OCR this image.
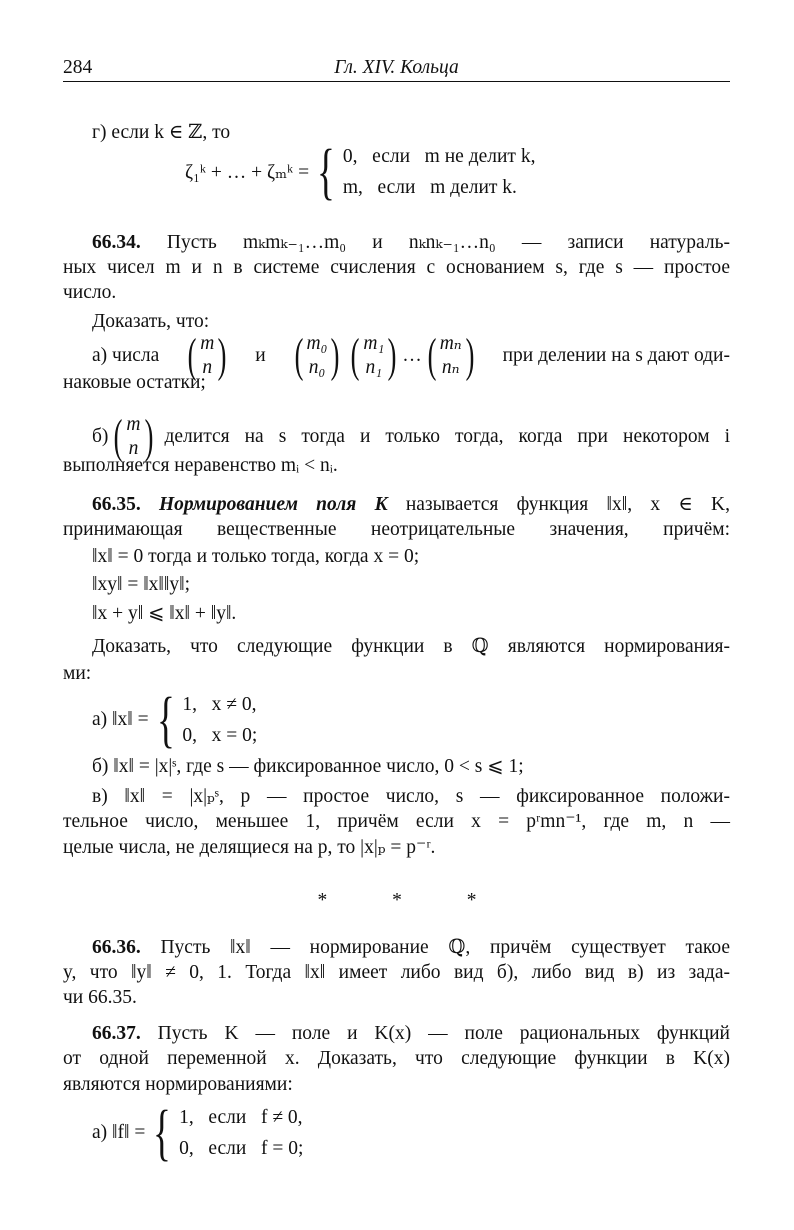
284	Гл. XIV. Кольца
г) если k ∈ ℤ, то
ζ₁ᵏ + … + ζₘᵏ = { 0,   если   m не делит k,
m,   если   m делит k.
66.34. Пусть mₖmₖ₋₁…m₀ и nₖnₖ₋₁…n₀ — записи натураль-
ных чисел m и n в системе счисления с основанием s, где s — простое
число.
Доказать, что:
а) числа ( m
n ) и ( m₀
n₀ ) ( m₁
n₁ ) … ( mₙ
nₙ ) при делении на s дают оди-
наковые остатки;
б) ( m
n ) делится на s тогда и только тогда, когда при некотором i
выполняется неравенство mᵢ < nᵢ.
66.35. Нормированием поля K называется функция ‖x‖, x ∈ K,
принимающая вещественные неотрицательные значения, причём:
‖x‖ = 0 тогда и только тогда, когда x = 0;
‖xy‖ = ‖x‖‖y‖;
‖x + y‖ ⩽ ‖x‖ + ‖y‖.
Доказать, что следующие функции в ℚ являются нормирования-
ми:
а) ‖x‖ = { 1,   x ≠ 0,
0,   x = 0;
б) ‖x‖ = |x|ˢ, где s — фиксированное число, 0 < s ⩽ 1;
в) ‖x‖ = |x|ₚˢ, p — простое число, s — фиксированное положи-
тельное число, меньшее 1, причём если x = pʳmn⁻¹, где m, n —
целые числа, не делящиеся на p, то |x|ₚ = p⁻ʳ.
* * *
66.36. Пусть ‖x‖ — нормирование ℚ, причём существует такое
y, что ‖y‖ ≠ 0, 1. Тогда ‖x‖ имеет либо вид б), либо вид в) из зада-
чи 66.35.
66.37. Пусть K — поле и K(x) — поле рациональных функций
от одной переменной x. Доказать, что следующие функции в K(x)
являются нормированиями:
а) ‖f‖ = { 1,   если   f ≠ 0,
0,   если   f = 0;
